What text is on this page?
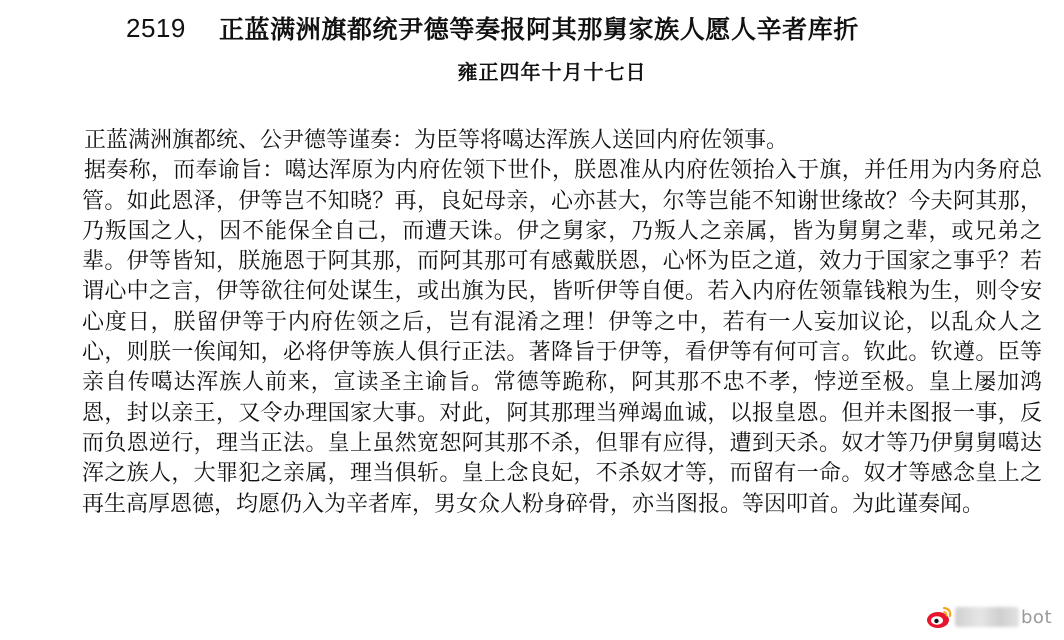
2519 正蓝满洲旗都统尹德等奏报阿其那舅家族人愿人辛者库折
雍正四年十月十七日

正蓝满洲旗都统、公尹德等谨奏：为臣等将噶达浑族人送回内府佐领事。

据奏称，而奉谕旨：噶达浑原为内府佐领下世仆，朕恩准从内府佐领抬入于旗，并任用为内务府总管。如此恩泽，伊等岂不知晓？再，良妃母亲，心亦甚大，尔等岂能不知谢世缘故？今夫阿其那，乃叛国之人，因不能保全自己，而遭天诛。伊之舅家，乃叛人之亲属，皆为舅舅之辈，或兄弟之辈。伊等皆知，朕施恩于阿其那，而阿其那可有感戴朕恩，心怀为臣之道，效力于国家之事乎？若谓心中之言，伊等欲往何处谋生，或出旗为民，皆听伊等自便。若入内府佐领靠钱粮为生，则令安心度日，朕留伊等于内府佐领之后，岂有混淆之理！伊等之中，若有一人妄加议论，以乱众人之心，则朕一俟闻知，必将伊等族人俱行正法。著降旨于伊等，看伊等有何可言。钦此。钦遵。臣等亲自传噶达浑族人前来，宣读圣主谕旨。常德等跪称，阿其那不忠不孝，悖逆至极。皇上屡加鸿恩，封以亲王，又令办理国家大事。对此，阿其那理当殚竭血诚，以报皇恩。但并未图报一事，反而负恩逆行，理当正法。皇上虽然宽恕阿其那不杀，但罪有应得，遭到天杀。奴才等乃伊舅舅噶达浑之族人，大罪犯之亲属，理当俱斩。皇上念良妃，不杀奴才等，而留有一命。奴才等感念皇上之再生高厚恩德，均愿仍入为辛者库，男女众人粉身碎骨，亦当图报。等因叩首。为此谨奏闻。

bot
